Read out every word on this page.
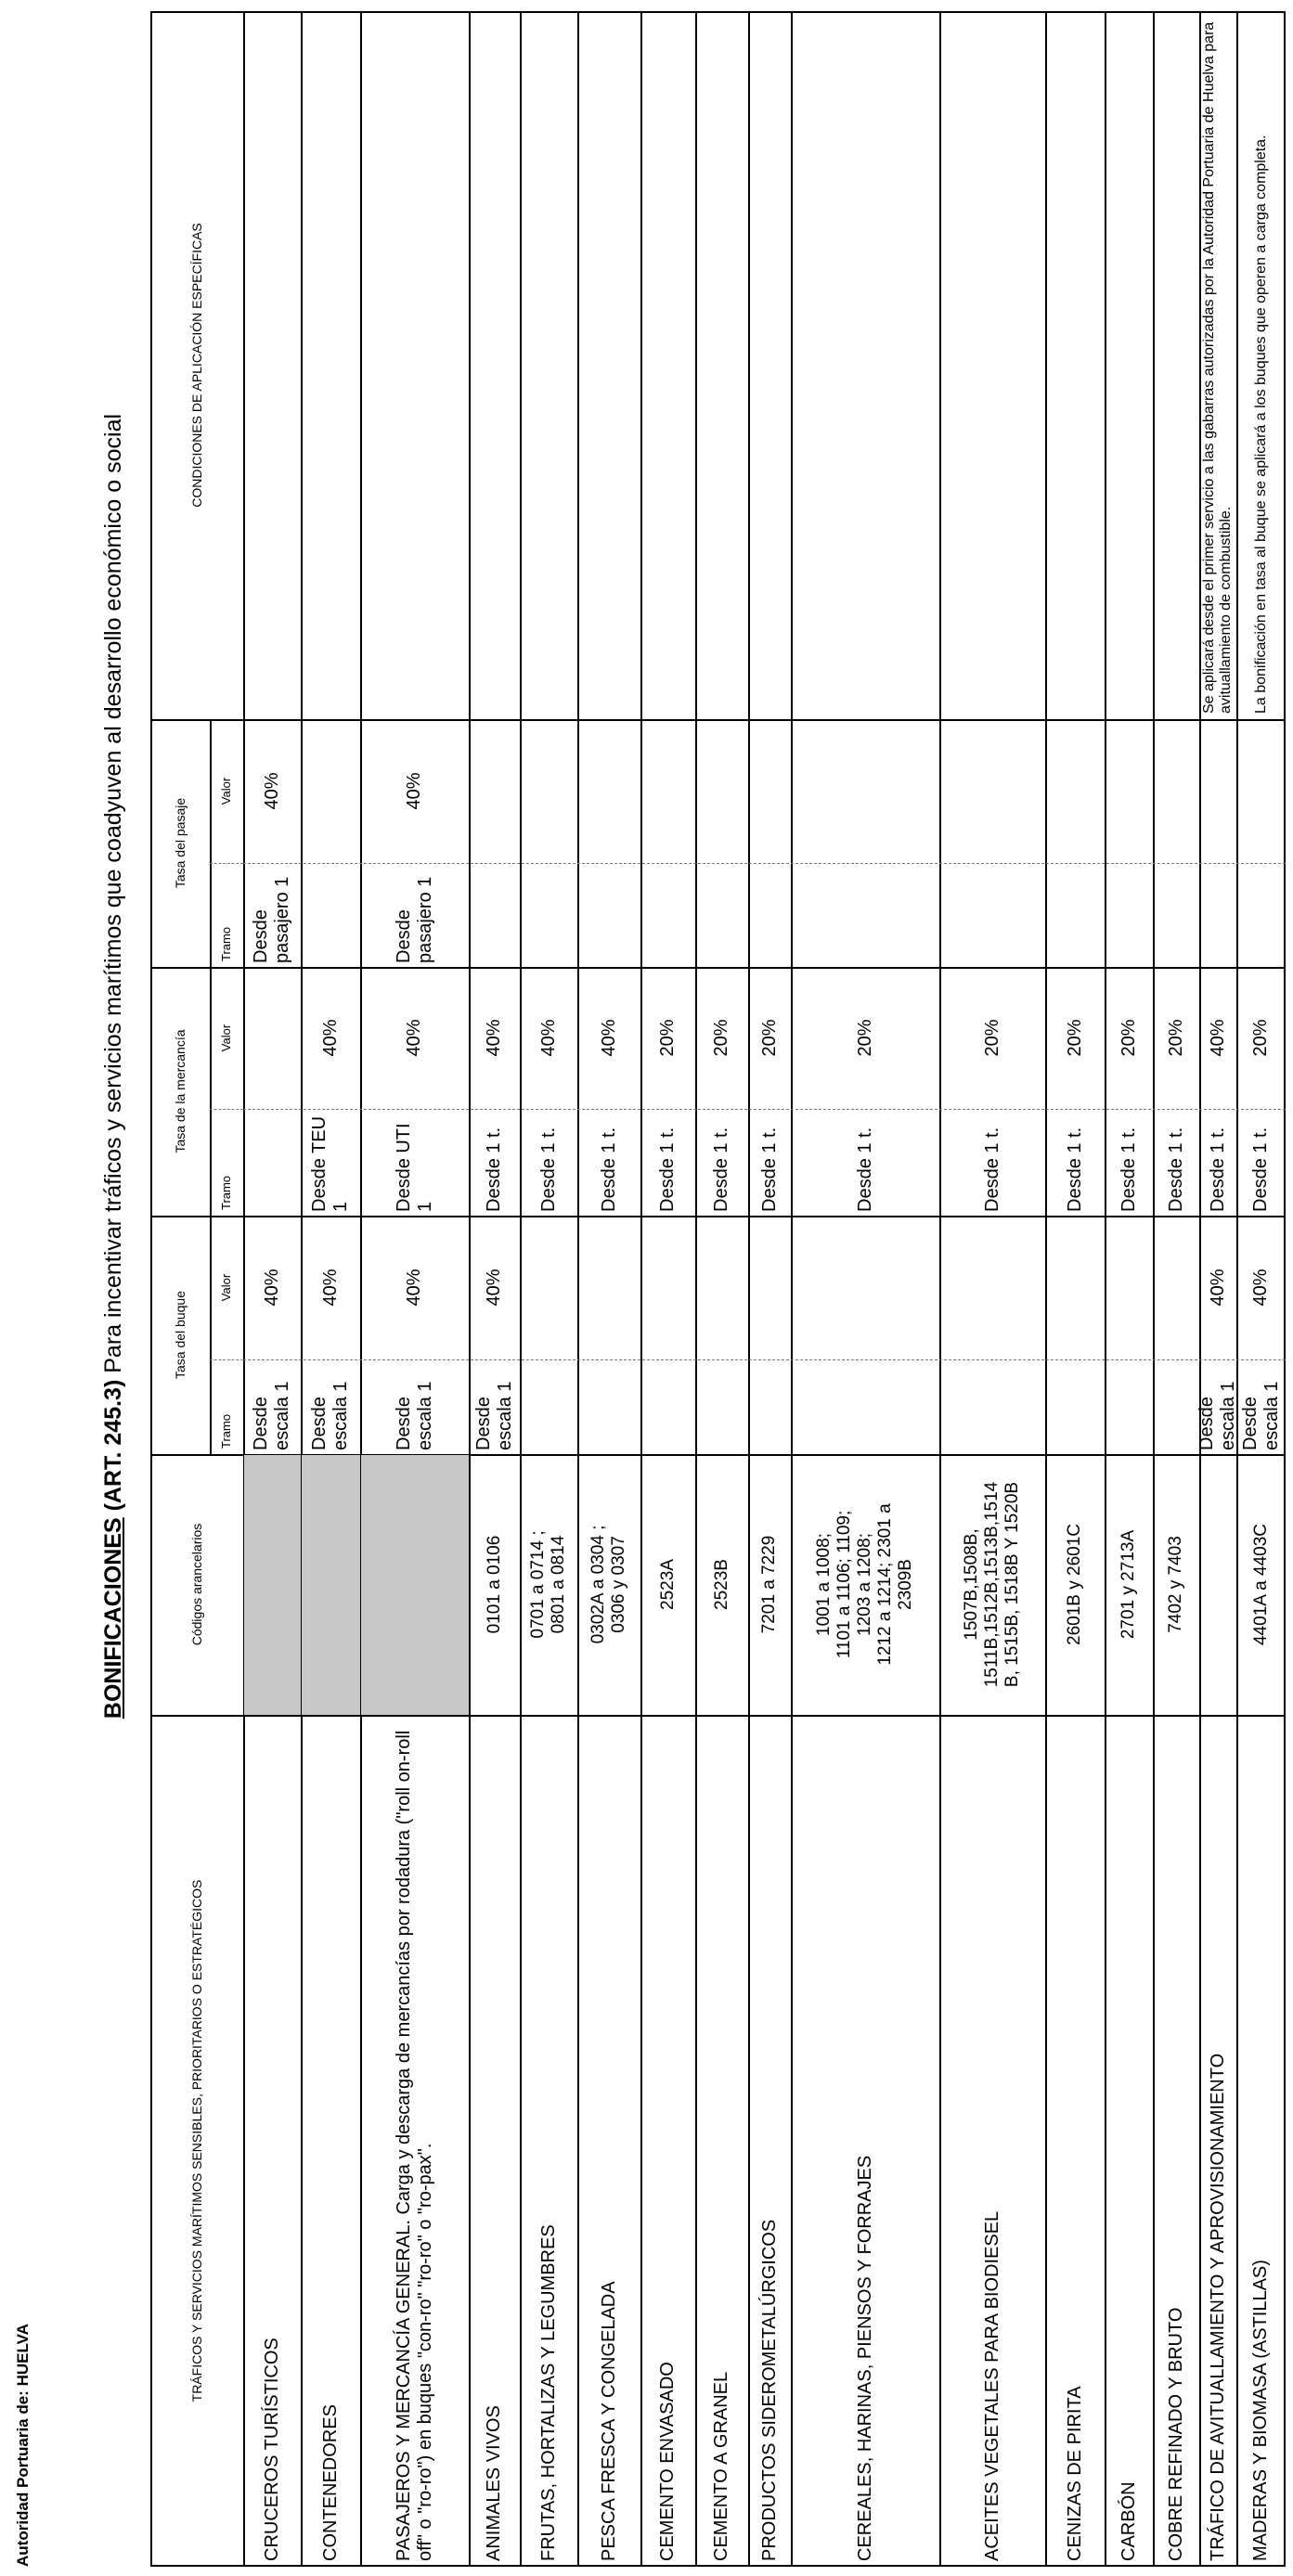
CONDICIONES DE APLICACIÓN ESPECÍFICAS
Tasa del pasaje
Tasa de la mercancía
Tasa del buque
Códigos arancelarios
TRÁFICOS Y SERVICIOS MARÍTIMOS SENSIBLES, PRIORITARIOS O ESTRATÉGICOS
Tramo
Valor
Tramo
Valor
Tramo
Valor
CRUCEROS TURÍSTICOS
Desde escala 1
40%
Desde pasajero 1
40%
CONTENEDORES
Desde escala 1
40%
Desde TEU 1
40%
PASAJEROS Y MERCANCÍA GENERAL. Carga y descarga de mercancías por rodadura ("roll on-roll off" o "ro-ro") en buques "con-ro" "ro-ro" o "ro-pax".
Desde escala 1
40%
Desde UTI 1
40%
Desde pasajero 1
40%
ANIMALES VIVOS
0101 a 0106
Desde escala 1
40%
Desde 1 t.
40%
FRUTAS, HORTALIZAS Y LEGUMBRES
0701 a 0714 ;
0801 a 0814
Desde 1 t.
40%
PESCA FRESCA Y CONGELADA
0302A a 0304 ;
0306 y 0307
Desde 1 t.
40%
CEMENTO ENVASADO
2523A
Desde 1 t.
20%
CEMENTO A GRANEL
2523B
Desde 1 t.
20%
PRODUCTOS SIDEROMETALÚRGICOS
7201 a 7229
Desde 1 t.
20%
CEREALES, HARINAS, PIENSOS Y FORRAJES
1001 a 1008;
1101 a 1106; 1109;
1203 a 1208;
1212 a 1214; 2301 a
2309B
Desde 1 t.
20%
ACEITES VEGETALES PARA BIODIESEL
1507B,1508B,
1511B,1512B,1513B,1514
B, 1515B, 1518B Y 1520B
Desde 1 t.
20%
CENIZAS DE PIRITA
2601B y 2601C
Desde 1 t.
20%
CARBÓN
2701 y 2713A
Desde 1 t.
20%
COBRE REFINADO Y BRUTO
7402 y 7403
Desde 1 t.
20%
TRÁFICO DE AVITUALLAMIENTO Y APROVISIONAMIENTO
Desde escala 1
40%
Desde 1 t.
40%
Se aplicará desde el primer servicio a las gabarras autorizadas por la Autoridad Portuaria de Huelva para avituallamiento de combustible.
MADERAS Y BIOMASA (ASTILLAS)
4401A a 4403C
Desde escala 1
40%
Desde 1 t.
20%
La bonificación en tasa al buque se aplicará a los buques que operen a carga completa.
BONIFICACIONES
(ART. 245.3)
Para incentivar tráficos y servicios marítimos que coadyuven al desarrollo económico o social
Autoridad Portuaria de: HUELVA
